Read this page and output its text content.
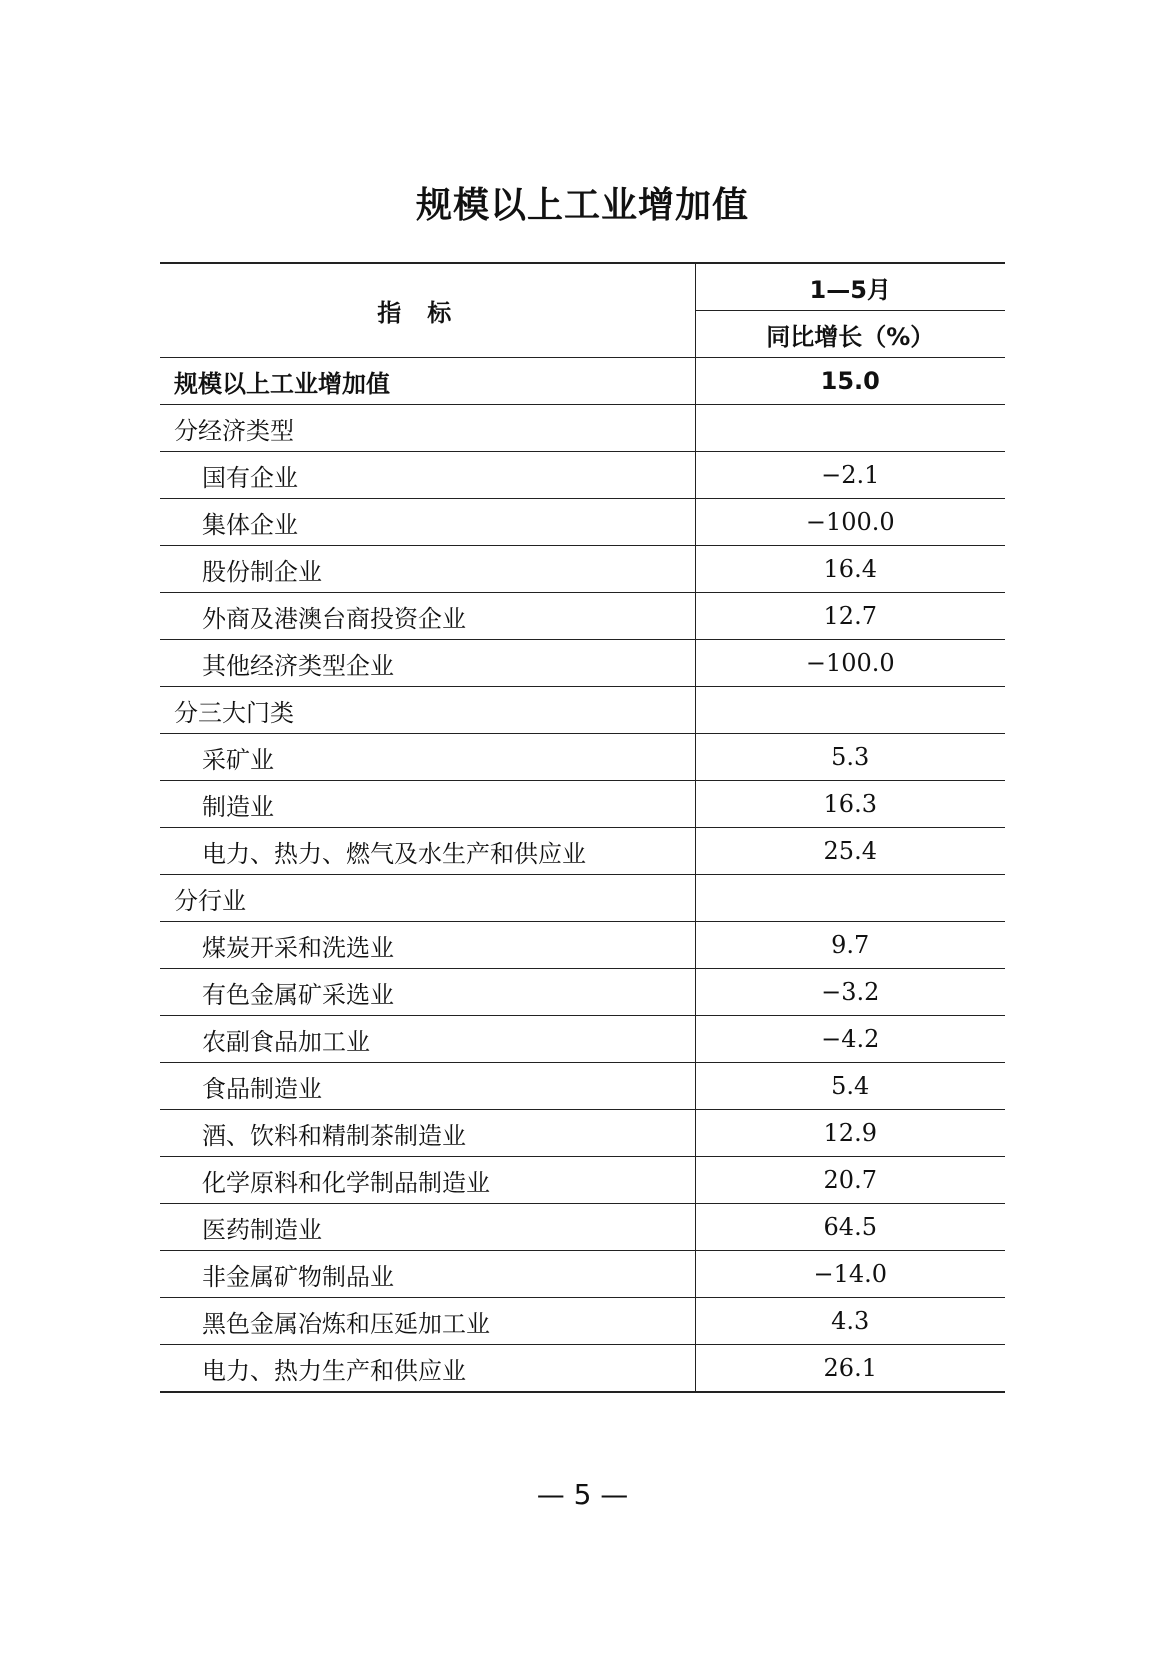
规模以上工业增加值
指标	1—5月
	同比增长（%）
规模以上工业增加值	15.0
分经济类型	
国有企业	−2.1
集体企业	−100.0
股份制企业	16.4
外商及港澳台商投资企业	12.7
其他经济类型企业	−100.0
分三大门类	
采矿业	5.3
制造业	16.3
电力、热力、燃气及水生产和供应业	25.4
分行业	
煤炭开采和洗选业	9.7
有色金属矿采选业	−3.2
农副食品加工业	−4.2
食品制造业	5.4
酒、饮料和精制茶制造业	12.9
化学原料和化学制品制造业	20.7
医药制造业	64.5
非金属矿物制品业	−14.0
黑色金属冶炼和压延加工业	4.3
电力、热力生产和供应业	26.1
— 5 —
